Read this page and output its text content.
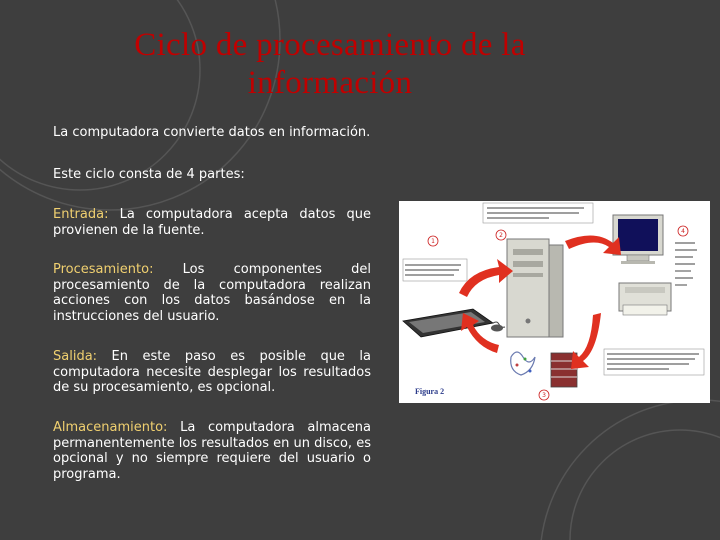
Ciclo de procesamiento de la información
La computadora convierte datos en información.
Este ciclo consta de 4 partes:
Entrada: La computadora acepta datos que provienen de la fuente.
Procesamiento: Los componentes del procesamiento de la computadora realizan acciones con los datos basándose en la instrucciones del usuario.
Salida: En este paso es posible que la computadora necesite desplegar los resultados de su procesamiento, es opcional.
Almacenamiento: La computadora almacena permanentemente los resultados en un disco, es opcional y no siempre requiere del usuario o programa.
1
2
3
4
Figura 2
